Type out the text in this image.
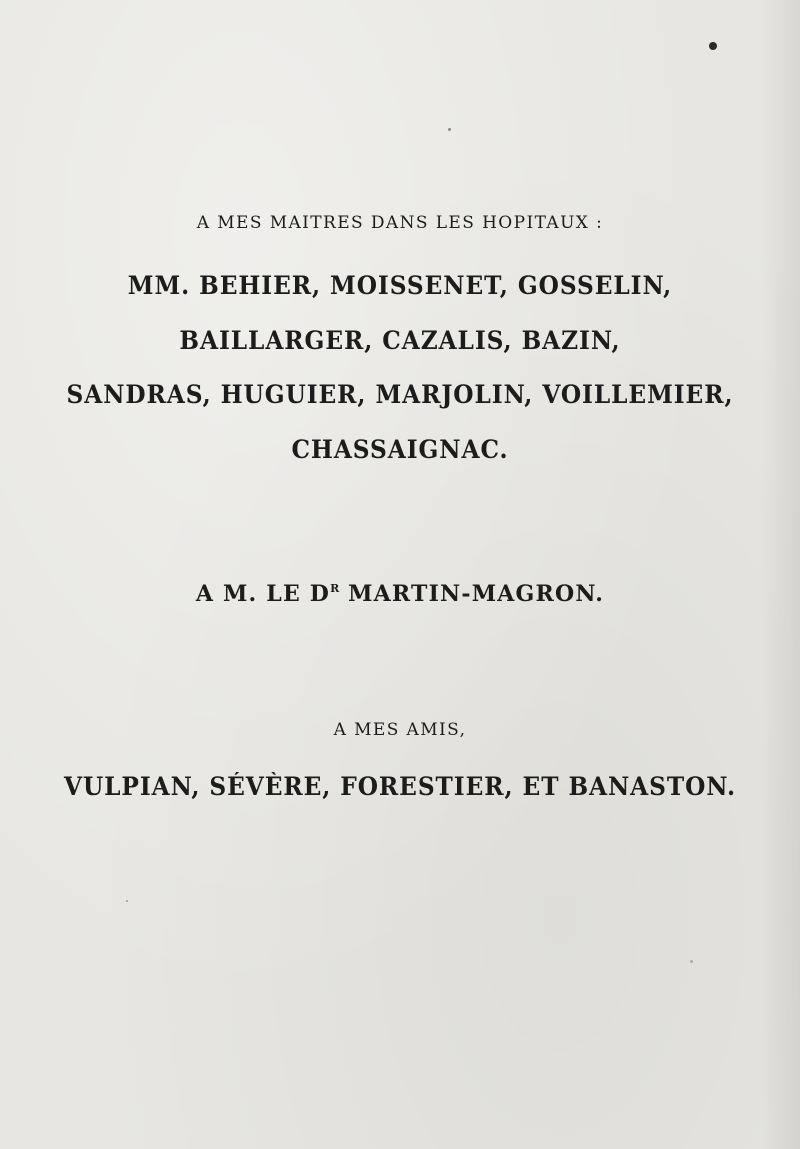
A MES MAITRES DANS LES HOPITAUX :
MM. BEHIER, MOISSENET, GOSSELIN,
BAILLARGER, CAZALIS, BAZIN,
SANDRAS, HUGUIER, MARJOLIN, VOILLEMIER,
CHASSAIGNAC.
A M. LE $D^R$ MARTIN-MAGRON.
A MES AMIS,
VULPIAN, SÉVÈRE, FORESTIER, ET BANASTON.
